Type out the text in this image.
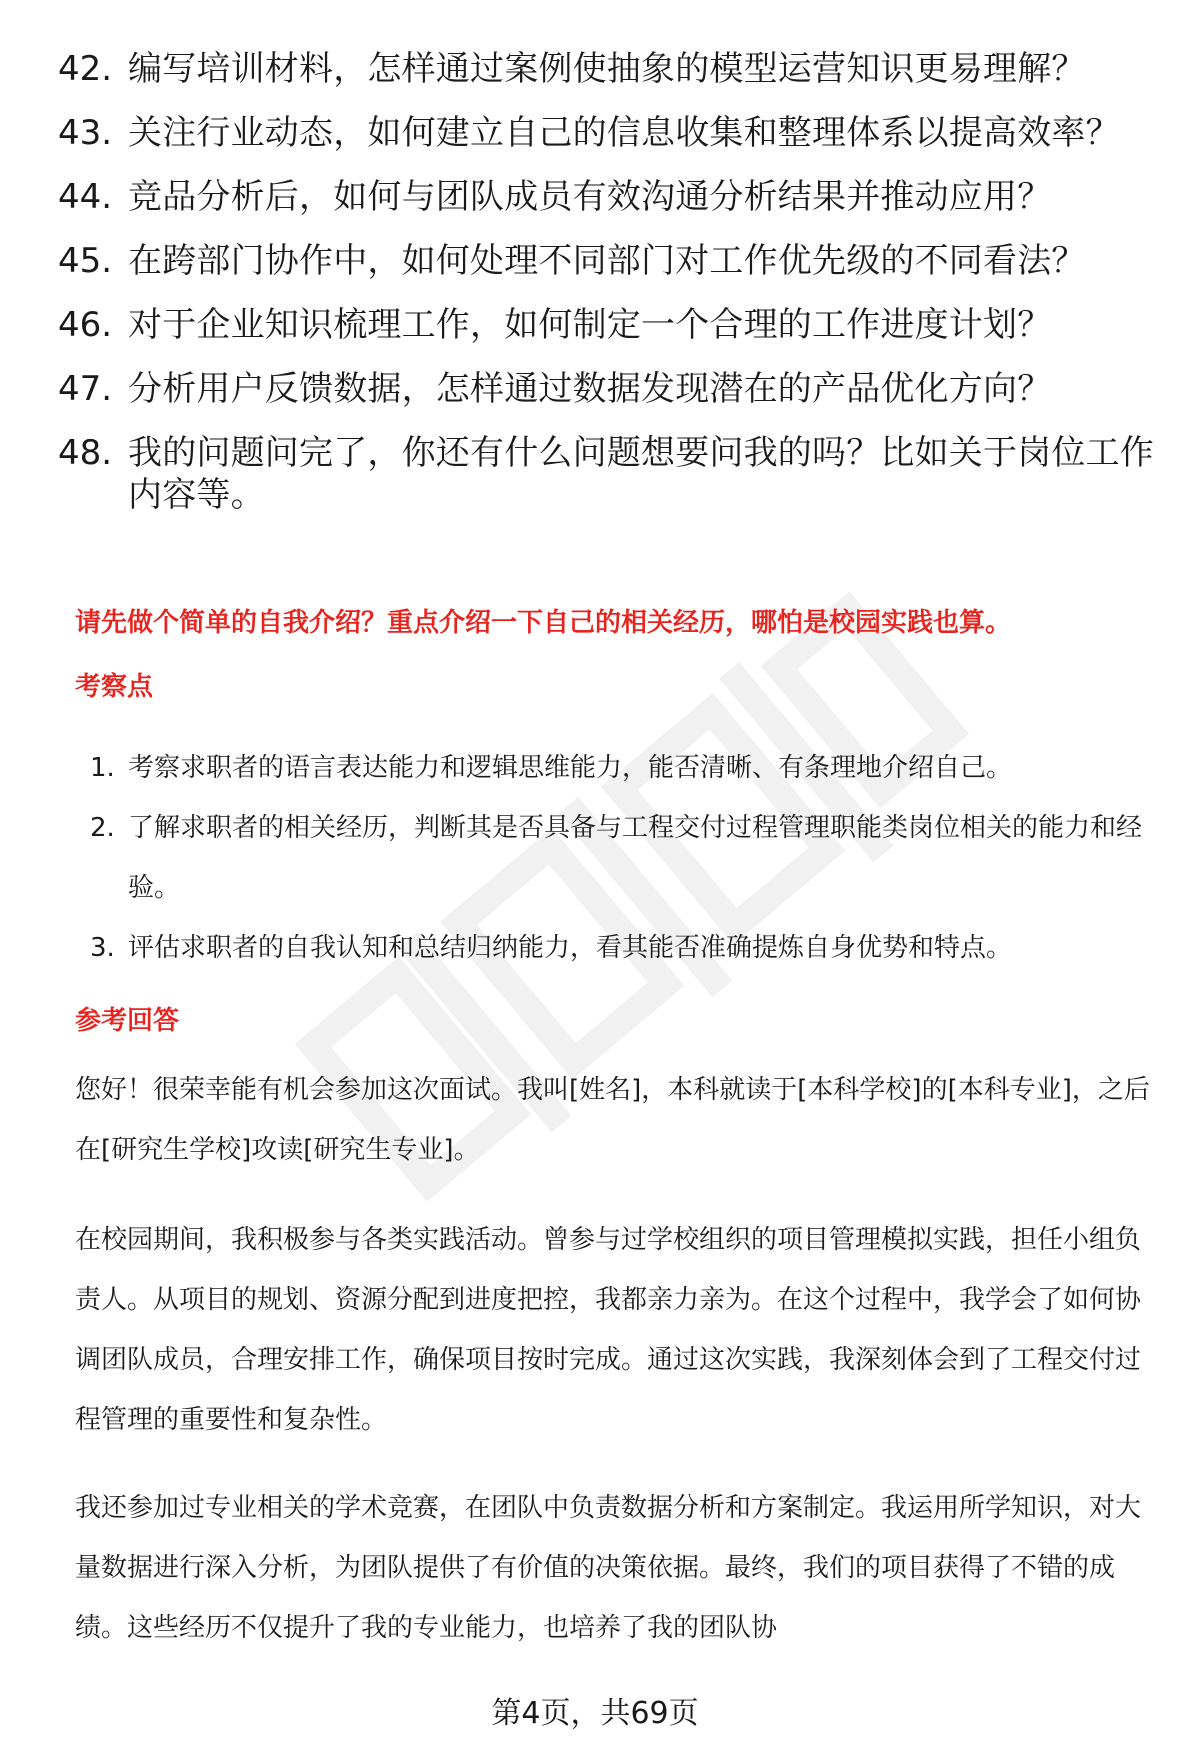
42. 编写培训材料，怎样通过案例使抽象的模型运营知识更易理解？
43. 关注行业动态，如何建立自己的信息收集和整理体系以提高效率？
44. 竞品分析后，如何与团队成员有效沟通分析结果并推动应用？
45. 在跨部门协作中，如何处理不同部门对工作优先级的不同看法？
46. 对于企业知识梳理工作，如何制定一个合理的工作进度计划？
47. 分析用户反馈数据，怎样通过数据发现潜在的产品优化方向？
48. 我的问题问完了，你还有什么问题想要问我的吗？比如关于岗位工作内容等。
请先做个简单的自我介绍？重点介绍一下自己的相关经历，哪怕是校园实践也算。
考察点
1. 考察求职者的语言表达能力和逻辑思维能力，能否清晰、有条理地介绍自己。
2. 了解求职者的相关经历，判断其是否具备与工程交付过程管理职能类岗位相关的能力和经验。
3. 评估求职者的自我认知和总结归纳能力，看其能否准确提炼自身优势和特点。
参考回答

您好！很荣幸能有机会参加这次面试。我叫[姓名]，本科就读于[本科学校]的[本科专业]，之后在[研究生学校]攻读[研究生专业]。

在校园期间，我积极参与各类实践活动。曾参与过学校组织的项目管理模拟实践，担任小组负责人。从项目的规划、资源分配到进度把控，我都亲力亲为。在这个过程中，我学会了如何协调团队成员，合理安排工作，确保项目按时完成。通过这次实践，我深刻体会到了工程交付过程管理的重要性和复杂性。

我还参加过专业相关的学术竞赛，在团队中负责数据分析和方案制定。我运用所学知识，对大量数据进行深入分析，为团队提供了有价值的决策依据。最终，我们的项目获得了不错的成绩。这些经历不仅提升了我的专业能力，也培养了我的团队协

第4页，共69页
